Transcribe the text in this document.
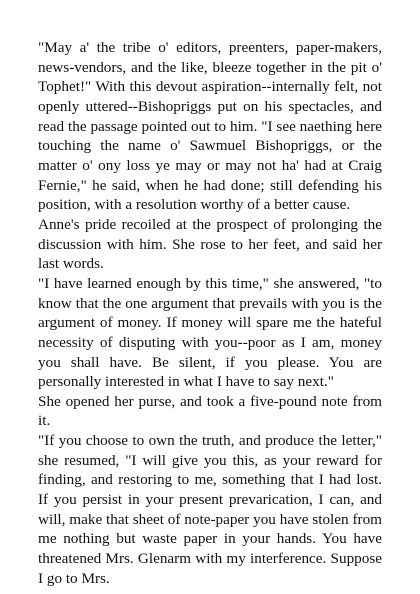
"May a' the tribe o' editors, preenters, paper-makers, news-vendors, and the like, bleeze together in the pit o' Tophet!" With this devout aspiration--internally felt, not openly uttered--Bishopriggs put on his spectacles, and read the passage pointed out to him. "I see naething here touching the name o' Sawmuel Bishopriggs, or the matter o' ony loss ye may or may not ha' had at Craig Fernie," he said, when he had done; still defending his position, with a resolution worthy of a better cause.

Anne's pride recoiled at the prospect of prolonging the discussion with him. She rose to her feet, and said her last words.

"I have learned enough by this time," she answered, "to know that the one argument that prevails with you is the argument of money. If money will spare me the hateful necessity of disputing with you--poor as I am, money you shall have. Be silent, if you please. You are personally interested in what I have to say next."

She opened her purse, and took a five-pound note from it.

"If you choose to own the truth, and produce the letter," she resumed, "I will give you this, as your reward for finding, and restoring to me, something that I had lost. If you persist in your present prevarication, I can, and will, make that sheet of note-paper you have stolen from me nothing but waste paper in your hands. You have threatened Mrs. Glenarm with my interference. Suppose I go to Mrs.
